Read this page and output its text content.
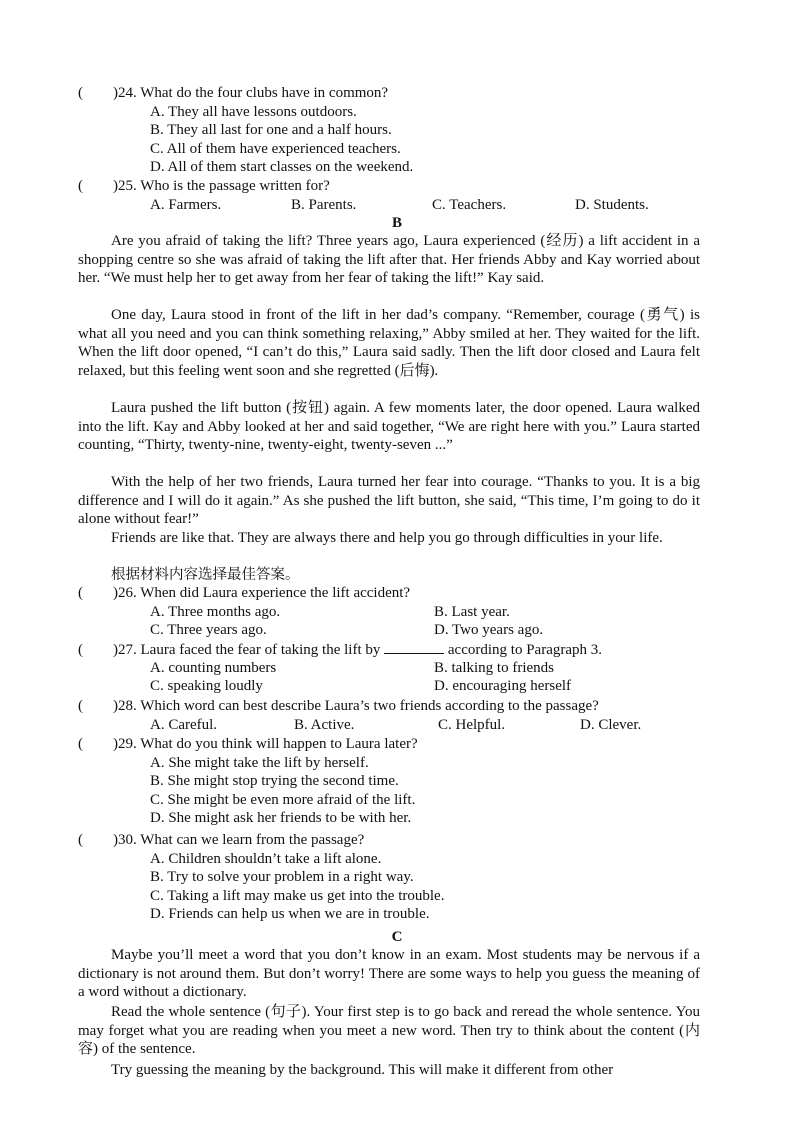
(　　)24. What do the four clubs have in common?
A. They all have lessons outdoors.
B. They all last for one and a half hours.
C. All of them have experienced teachers.
D. All of them start classes on the weekend.
(　　)25. Who is the passage written for?
A. Farmers.	B. Parents.	C. Teachers.	D. Students.
B

Are you afraid of taking the lift? Three years ago, Laura experienced (经历) a lift accident in a shopping centre so she was afraid of taking the lift after that. Her friends Abby and Kay worried about her. “We must help her to get away from her fear of taking the lift!” Kay said.

One day, Laura stood in front of the lift in her dad’s company. “Remember, courage (勇气) is what all you need and you can think something relaxing,” Abby smiled at her. They waited for the lift. When the lift door opened, “I can’t do this,” Laura said sadly. Then the lift door closed and Laura felt relaxed, but this feeling went soon and she regretted (后悔).

Laura pushed the lift button (按钮) again. A few moments later, the door opened. Laura walked into the lift. Kay and Abby looked at her and said together, “We are right here with you.” Laura started counting, “Thirty, twenty-nine, twenty-eight, twenty-seven ...”

With the help of her two friends, Laura turned her fear into courage. “Thanks to you. It is a big difference and I will do it again.” As she pushed the lift button, she said, “This time, I’m going to do it alone without fear!”

Friends are like that. They are always there and help you go through difficulties in your life.

根据材料内容选择最佳答案。
(　　)26. When did Laura experience the lift accident?
A. Three months ago.	B. Last year.
C. Three years ago.	D. Two years ago.
(　　)27. Laura faced the fear of taking the lift by	according to Paragraph 3.
A. counting numbers	B. talking to friends
C. speaking loudly	D. encouraging herself
(　　)28. Which word can best describe Laura’s two friends according to the passage?
A. Careful.	B. Active.	C. Helpful.	D. Clever.
(　　)29. What do you think will happen to Laura later?
A. She might take the lift by herself.
B. She might stop trying the second time.
C. She might be even more afraid of the lift.
D. She might ask her friends to be with her.
(　　)30. What can we learn from the passage?
A. Children shouldn’t take a lift alone.
B. Try to solve your problem in a right way.
C. Taking a lift may make us get into the trouble.
D. Friends can help us when we are in trouble.
C

Maybe you’ll meet a word that you don’t know in an exam. Most students may be nervous if a dictionary is not around them. But don’t worry! There are some ways to help you guess the meaning of a word without a dictionary.

Read the whole sentence (句子). Your first step is to go back and reread the whole sentence. You may forget what you are reading when you meet a new word. Then try to think about the content (内容) of the sentence.

Try guessing the meaning by the background. This will make it different from other
